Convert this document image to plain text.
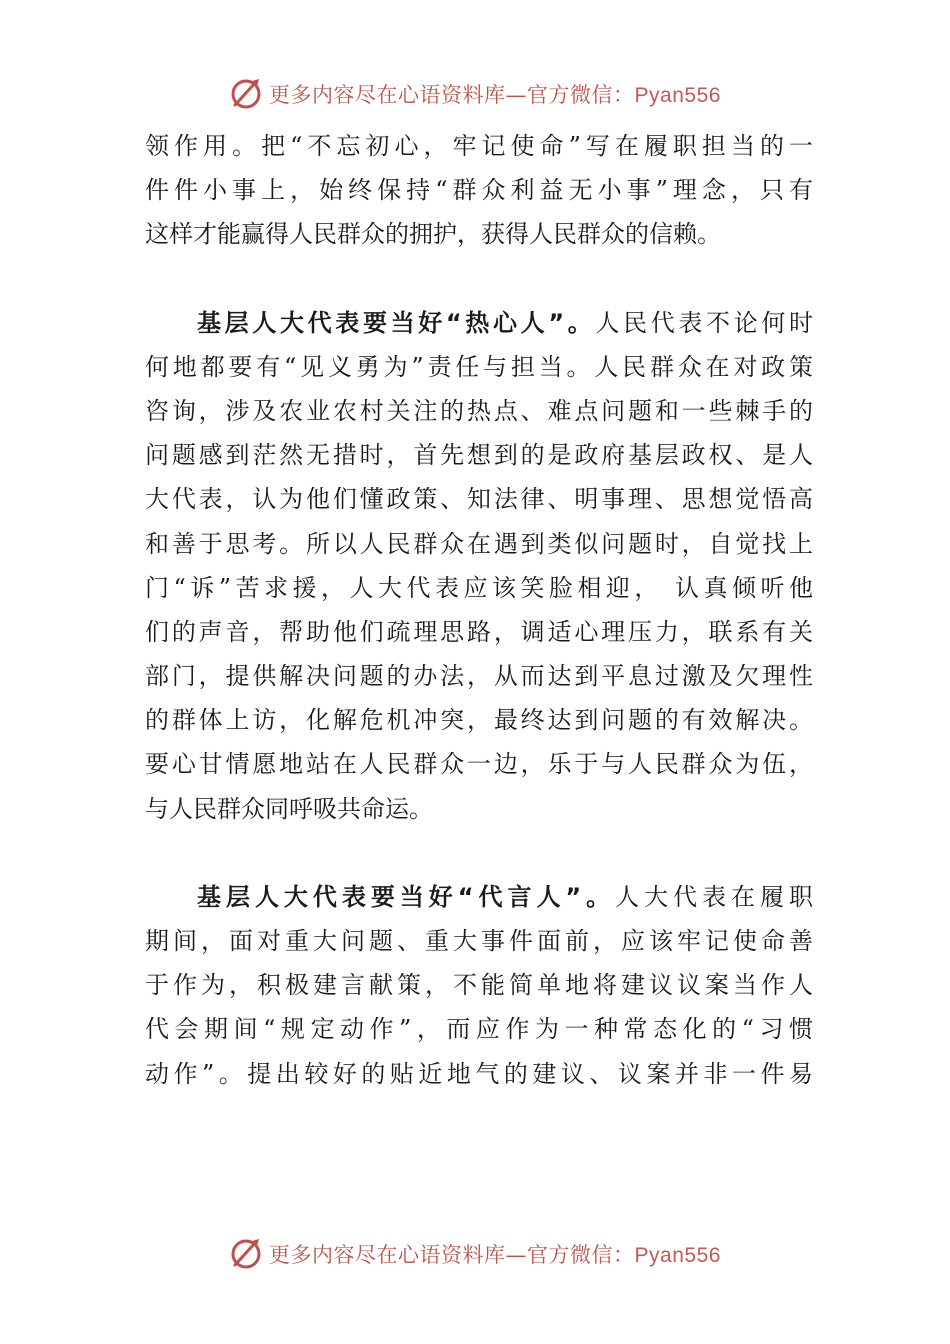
更多内容尽在心语资料库—官方微信：Pyan556
领作用。把“不忘初心，牢记使命”写在履职担当的一
件件小事上，始终保持“群众利益无小事”理念，只有
这样才能赢得人民群众的拥护，获得人民群众的信赖。
基层人大代表要当好“热心人”。人民代表不论何时
何地都要有“见义勇为”责任与担当。人民群众在对政策
咨询，涉及农业农村关注的热点、难点问题和一些棘手的
问题感到茫然无措时，首先想到的是政府基层政权、是人
大代表，认为他们懂政策、知法律、明事理、思想觉悟高
和善于思考。所以人民群众在遇到类似问题时，自觉找上
门“诉”苦求援，人大代表应该笑脸相迎， 认真倾听他
们的声音，帮助他们疏理思路，调适心理压力，联系有关
部门，提供解决问题的办法，从而达到平息过激及欠理性
的群体上访，化解危机冲突，最终达到问题的有效解决。
要心甘情愿地站在人民群众一边，乐于与人民群众为伍，
与人民群众同呼吸共命运。
基层人大代表要当好“代言人”。人大代表在履职
期间，面对重大问题、重大事件面前，应该牢记使命善
于作为，积极建言献策，不能简单地将建议议案当作人
代会期间“规定动作”，而应作为一种常态化的“习惯
动作”。提出较好的贴近地气的建议、议案并非一件易
更多内容尽在心语资料库—官方微信：Pyan556
